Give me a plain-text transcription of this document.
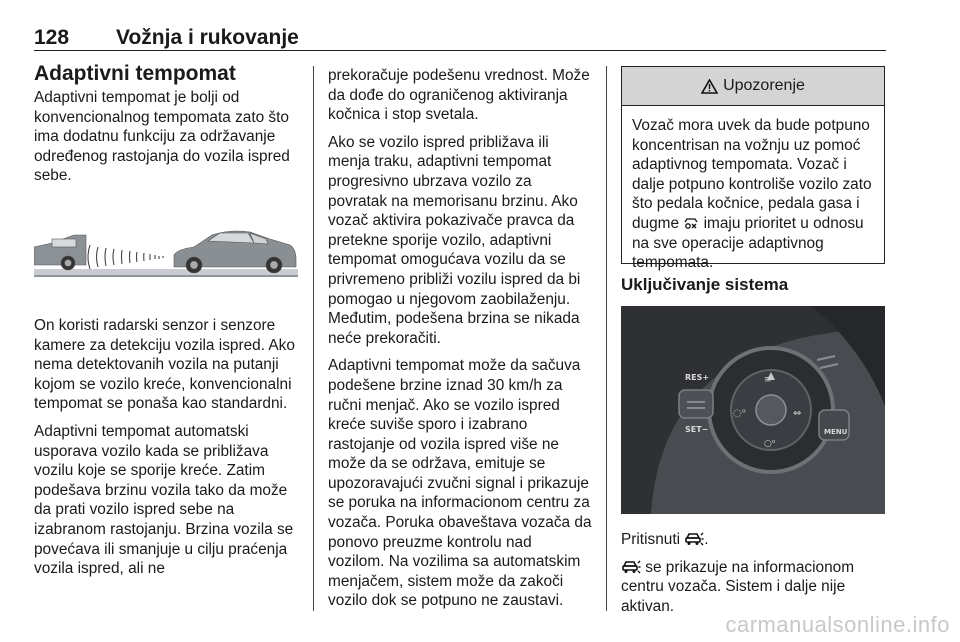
128 Vožnja i rukovanje
Adaptivni tempomat

Adaptivni tempomat je bolji od konvencionalnog tempomata zato što ima dodatnu funkciju za održavanje određenog rastojanja do vozila ispred sebe.

On koristi radarski senzor i senzore kamere za detekciju vozila ispred. Ako nema detektovanih vozila na putanji kojom se vozilo kreće, konvencionalni tempomat se ponaša kao standardni.

Adaptivni tempomat automatski usporava vozilo kada se približava vozilu koje se sporije kreće. Zatim podešava brzinu vozila tako da može da prati vozilo ispred sebe na izabranom rastojanju. Brzina vozila se povećava ili smanjuje u cilju praćenja vozila ispred, ali ne

prekoračuje podešenu vrednost. Može da dođe do ograničenog aktiviranja kočnica i stop svetala.

Ako se vozilo ispred približava ili menja traku, adaptivni tempomat progresivno ubrzava vozilo za povratak na memorisanu brzinu. Ako vozač aktivira pokazivače pravca da pretekne sporije vozilo, adaptivni tempomat omogućava vozilu da se privremeno približi vozilu ispred da bi pomogao u njegovom zaobilaženju. Međutim, podešena brzina se nikada neće prekoračiti.

Adaptivni tempomat može da sačuva podešene brzine iznad 30 km/h za ručni menjač. Ako se vozilo ispred kreće suviše sporo i izabrano rastojanje od vozila ispred više ne može da se održava, emituje se upozoravajući zvučni signal i prikazuje se poruka na informacionom centru za vozača. Poruka obaveštava vozača da ponovo preuzme kontrolu nad vozilom. Na vozilima sa automatskim menjačem, sistem može da zakoči vozilo dok se potpuno ne zaustavi.

Upozorenje
Vozač mora uvek da bude potpuno koncentrisan na vožnju uz pomoć adaptivnog tempomata. Vozač i dalje potpuno kontroliše vozilo zato što pedala kočnice, pedala gasa i dugme imaju prioritet u odnosu na sve operacije adaptivnog tempomata.
Uključivanje sistema
≡
◌ᵒ	⇔
○ᵒ
RES+
SET−	MENU

Pritisnuti .

se prikazuje na informacionom centru vozača. Sistem i dalje nije aktivan.

carmanualsonline.info
